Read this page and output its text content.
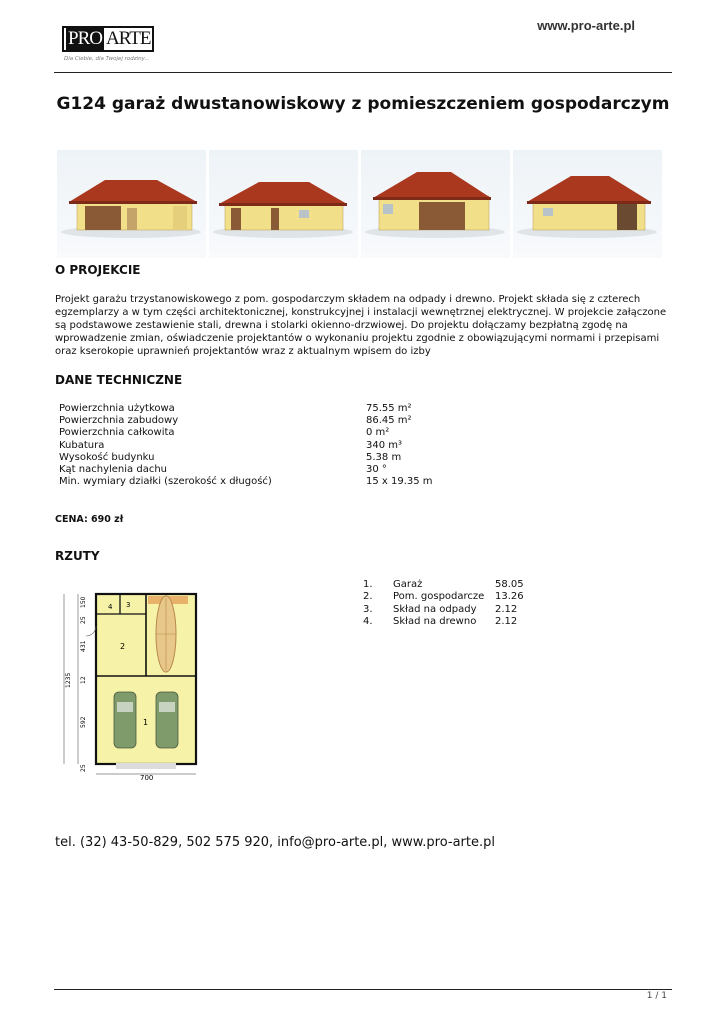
PRO ARTE
Dla Ciebie, dla Twojej rodziny...
www.pro-arte.pl
G124 garaż dwustanowiskowy z pomieszczeniem gospodarczym
O PROJEKCIE
Projekt garażu trzystanowiskowego z pom. gospodarczym składem na odpady i drewno. Projekt składa się z czterech egzemplarzy a w tym części architektonicznej, konstrukcyjnej i instalacji wewnętrznej elektrycznej. W projekcie załączone są podstawowe zestawienie stali, drewna i stolarki okienno-drzwiowej. Do projektu dołączamy bezpłatną zgodę na wprowadzenie zmian, oświadczenie projektantów o wykonaniu projektu zgodnie z obowiązującymi normami i przepisami oraz kserokopie uprawnień projektantów wraz z aktualnym wpisem do izby
DANE TECHNICZNE
Powierzchnia użytkowa	75.55 m²
Powierzchnia zabudowy	86.45 m²
Powierzchnia całkowita	0 m²
Kubatura	340 m³
Wysokość budynku	5.38 m
Kąt nachylenia dachu	30 °
Min. wymiary działki (szerokość x długość)	15 x 19.35 m
CENA: 690 zł
RZUTY
4 3
2
1
150
25
431
1235 12
592
25
700
1.	Garaż	58.05
2.	Pom. gospodarcze	13.26
3.	Skład na odpady	2.12
4.	Skład na drewno	2.12
tel. (32) 43-50-829, 502 575 920, info@pro-arte.pl, www.pro-arte.pl
1 / 1
